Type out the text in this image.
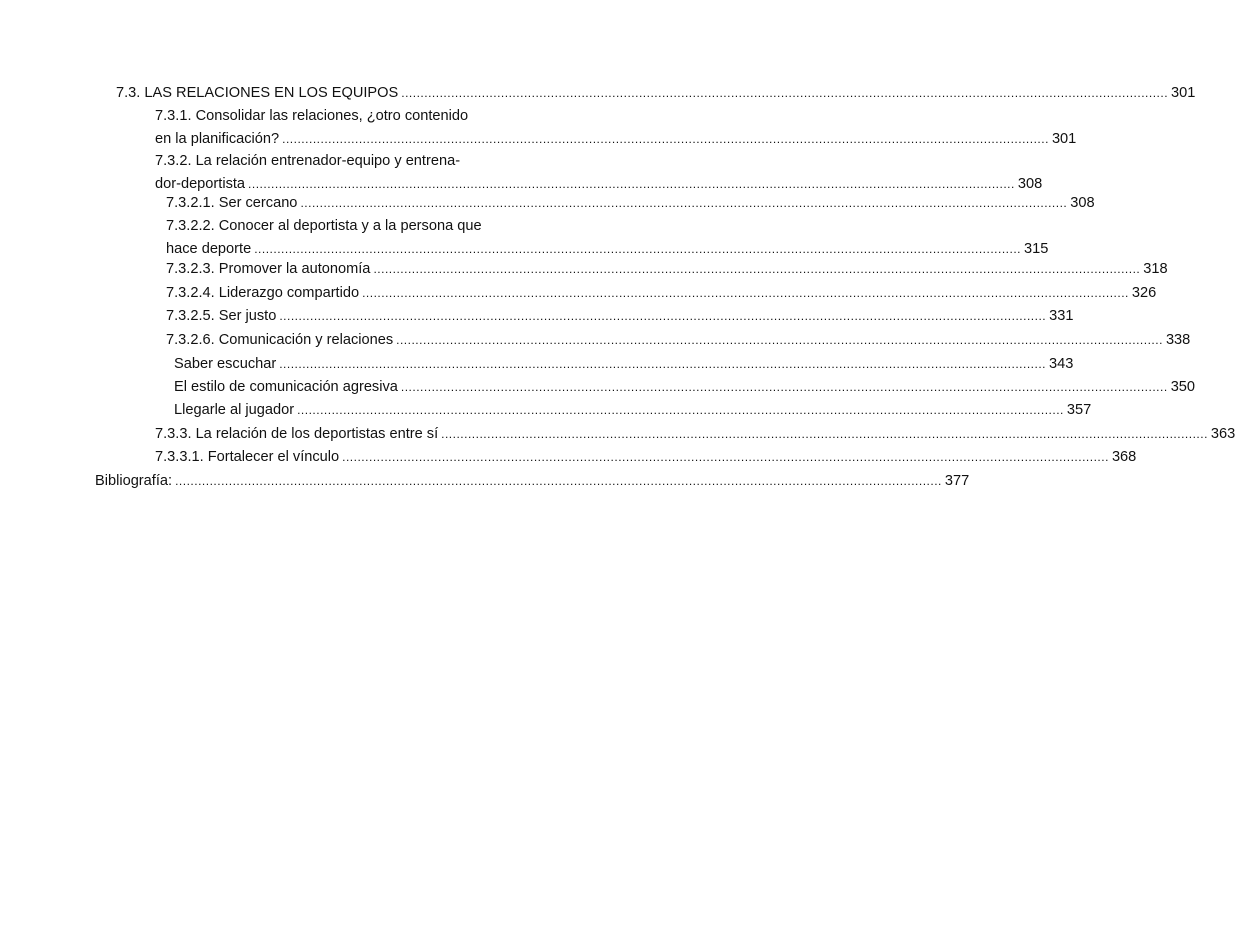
7.3. LAS RELACIONES EN LOS EQUIPOS ........................................................................................................................................................................................................ 301
7.3.1. Consolidar las relaciones, ¿otro contenido
en la planificación? ........................................................................................................................................................................................................ 301
7.3.2. La relación entrenador-equipo y entrena-
dor-deportista ........................................................................................................................................................................................................ 308
7.3.2.1. Ser cercano ........................................................................................................................................................................................................ 308
7.3.2.2. Conocer al deportista y a la persona que
hace deporte ........................................................................................................................................................................................................ 315
7.3.2.3. Promover la autonomía ........................................................................................................................................................................................................ 318
7.3.2.4. Liderazgo compartido ........................................................................................................................................................................................................ 326
7.3.2.5. Ser justo ........................................................................................................................................................................................................ 331
7.3.2.6. Comunicación y relaciones ........................................................................................................................................................................................................ 338
Saber escuchar ........................................................................................................................................................................................................ 343
El estilo de comunicación agresiva ........................................................................................................................................................................................................ 350
Llegarle al jugador ........................................................................................................................................................................................................ 357
7.3.3. La relación de los deportistas entre sí ........................................................................................................................................................................................................ 363
7.3.3.1. Fortalecer el vínculo ........................................................................................................................................................................................................ 368
Bibliografía: ........................................................................................................................................................................................................ 377
